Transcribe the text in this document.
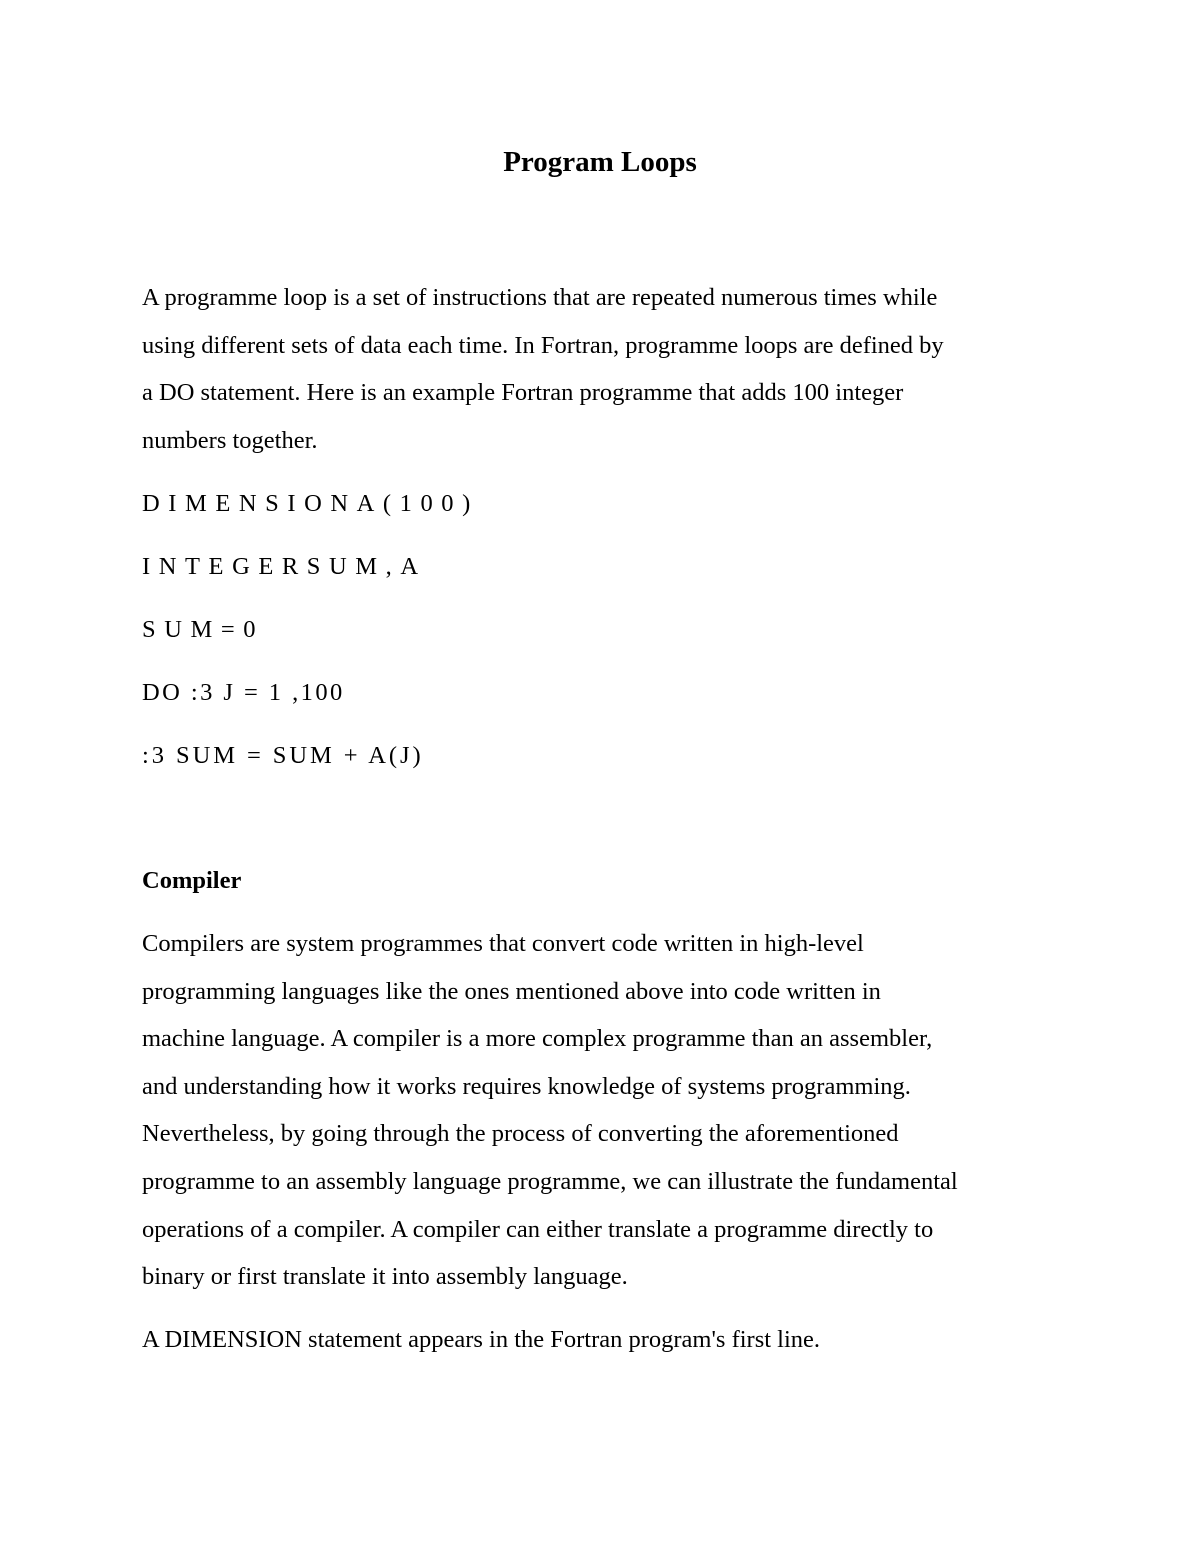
Program Loops
A programme loop is a set of instructions that are repeated numerous times while
using different sets of data each time. In Fortran, programme loops are defined by
a DO statement. Here is an example Fortran programme that adds 100 integer
numbers together.
DIMENSIONA(100)
INTEGERSUM,A
SUM=0
DO :3 J = 1 ,100
:3 SUM = SUM + A(J)
Compiler
Compilers are system programmes that convert code written in high-level
programming languages like the ones mentioned above into code written in
machine language. A compiler is a more complex programme than an assembler,
and understanding how it works requires knowledge of systems programming.
Nevertheless, by going through the process of converting the aforementioned
programme to an assembly language programme, we can illustrate the fundamental
operations of a compiler. A compiler can either translate a programme directly to
binary or first translate it into assembly language.
A DIMENSION statement appears in the Fortran program's first line.
